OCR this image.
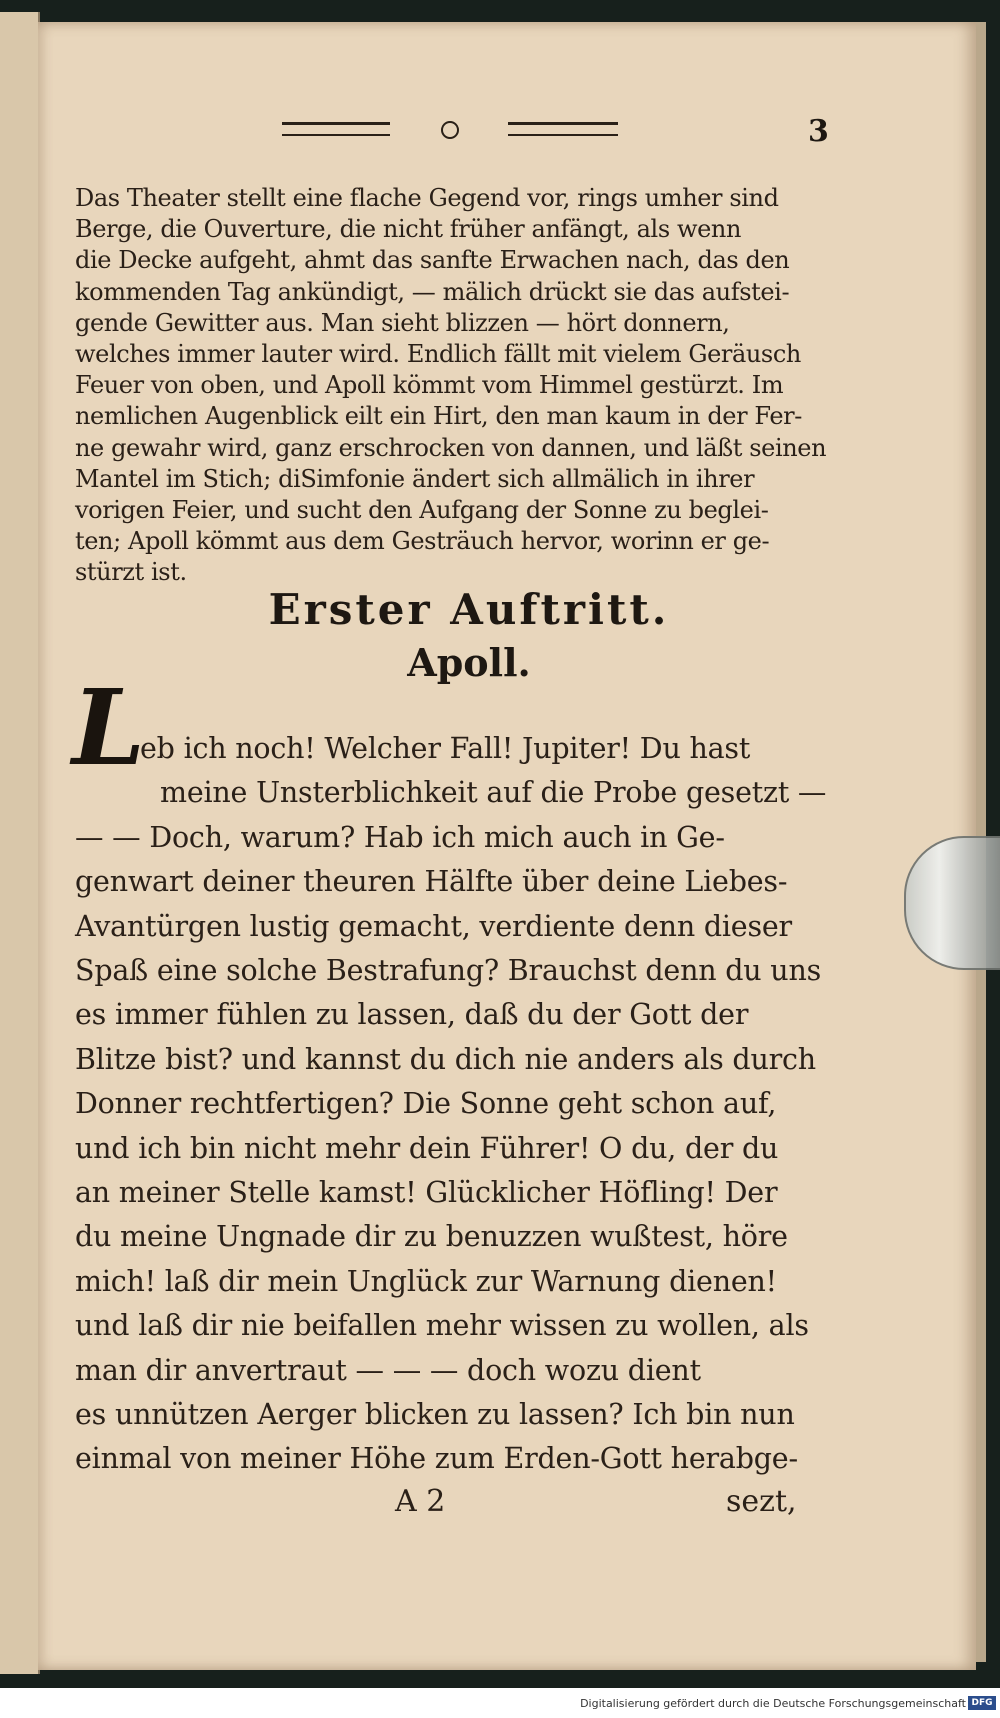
3
Das Theater stellt eine flache Gegend vor, rings umher sind
Berge, die Ouverture, die nicht früher anfängt, als wenn
die Decke aufgeht, ahmt das sanfte Erwachen nach, das den
kommenden Tag ankündigt, — mälich drückt sie das aufstei-
gende Gewitter aus. Man sieht blizzen — hört donnern,
welches immer lauter wird. Endlich fällt mit vielem Geräusch
Feuer von oben, und Apoll kömmt vom Himmel gestürzt. Im
nemlichen Augenblick eilt ein Hirt, den man kaum in der Fer-
ne gewahr wird, ganz erschrocken von dannen, und läßt seinen
Mantel im Stich; diSimfonie ändert sich allmälich in ihrer
vorigen Feier, und sucht den Aufgang der Sonne zu beglei-
ten; Apoll kömmt aus dem Gesträuch hervor, worinn er ge-
stürzt ist.
Erster Auftritt.
Apoll.
L
eb ich noch! Welcher Fall! Jupiter! Du hast
meine Unsterblichkeit auf die Probe gesetzt —
— — Doch, warum? Hab ich mich auch in Ge-
genwart deiner theuren Hälfte über deine Liebes-
Avantürgen lustig gemacht, verdiente denn dieser
Spaß eine solche Bestrafung? Brauchst denn du uns
es immer fühlen zu lassen, daß du der Gott der
Blitze bist? und kannst du dich nie anders als durch
Donner rechtfertigen? Die Sonne geht schon auf,
und ich bin nicht mehr dein Führer! O du, der du
an meiner Stelle kamst! Glücklicher Höfling! Der
du meine Ungnade dir zu benuzzen wußtest, höre
mich! laß dir mein Unglück zur Warnung dienen!
und laß dir nie beifallen mehr wissen zu wollen, als
man dir anvertraut — — — doch wozu dient
es unnützen Aerger blicken zu lassen? Ich bin nun
einmal von meiner Höhe zum Erden-Gott herabge-
A 2	sezt,
Digitalisierung gefördert durch die Deutsche Forschungsgemeinschaft DFG
